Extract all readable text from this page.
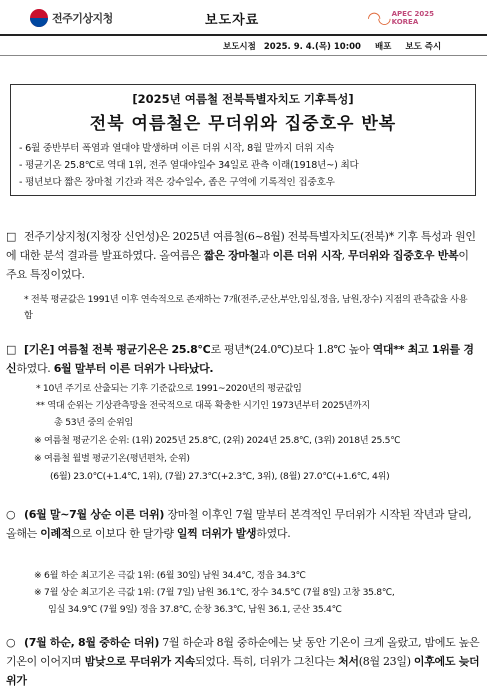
전주기상지청	보도자료	◠◡ APEC 2025
KOREA
보도시점 2025. 9. 4.(목) 10:00 배포 보도 즉시
[2025년 여름철 전북특별자치도 기후특성]
전북 여름철은 무더위와 집중호우 반복
- 6월 중반부터 폭염과 열대야 발생하며 이른 더위 시작, 8월 말까지 더위 지속
- 평균기온 25.8℃로 역대 1위, 전주 열대야일수 34일로 관측 이래(1918년~) 최다
- 평년보다 짧은 장마철 기간과 적은 강수일수, 좁은 구역에 기록적인 집중호우
□ 전주기상지청(지청장 신언성)은 2025년 여름철(6~8월) 전북특별자치도(전북)* 기후 특성과 원인에 대한 분석 결과를 발표하였다. 올여름은 짧은 장마철과 이른 더위 시작, 무더위와 집중호우 반복이 주요 특징이었다.
* 전북 평균값은 1991년 이후 연속적으로 존재하는 7개(전주,군산,부안,임실,정읍, 남원,장수) 지점의 관측값을 사용함
□ [기온] 여름철 전북 평균기온은 25.8℃로 평년*(24.0℃)보다 1.8℃ 높아 역대** 최고 1위를 경신하였다. 6월 말부터 이른 더위가 나타났다.
* 10년 주기로 산출되는 기후 기준값으로 1991~2020년의 평균값임
** 역대 순위는 기상관측망을 전국적으로 대폭 확충한 시기인 1973년부터 2025년까지
총 53년 중의 순위임
※ 여름철 평균기온 순위: (1위) 2025년 25.8℃, (2위) 2024년 25.8℃, (3위) 2018년 25.5℃
※ 여름철 월별 평균기온(평년편차, 순위)
(6월) 23.0℃(+1.4℃, 1위), (7월) 27.3℃(+2.3℃, 3위), (8월) 27.0℃(+1.6℃, 4위)
○ (6월 말~7월 상순 이른 더위) 장마철 이후인 7월 말부터 본격적인 무더위가 시작된 작년과 달리, 올해는 이례적으로 이보다 한 달가량 일찍 더위가 발생하였다.
※ 6월 하순 최고기온 극값 1위: (6월 30일) 남원 34.4℃, 정읍 34.3℃
※ 7월 상순 최고기온 극값 1위: (7월 7일) 남원 36.1℃, 장수 34.5℃ (7월 8일) 고창 35.8℃,
임실 34.9℃ (7월 9일) 정읍 37.8℃, 순창 36.3℃, 남원 36.1, 군산 35.4℃
○ (7월 하순, 8월 중하순 더위) 7월 하순과 8월 중하순에는 낮 동안 기온이 크게 올랐고, 밤에도 높은 기온이 이어지며 밤낮으로 무더위가 지속되었다. 특히, 더위가 그친다는 처서(8월 23일) 이후에도 늦더위가
